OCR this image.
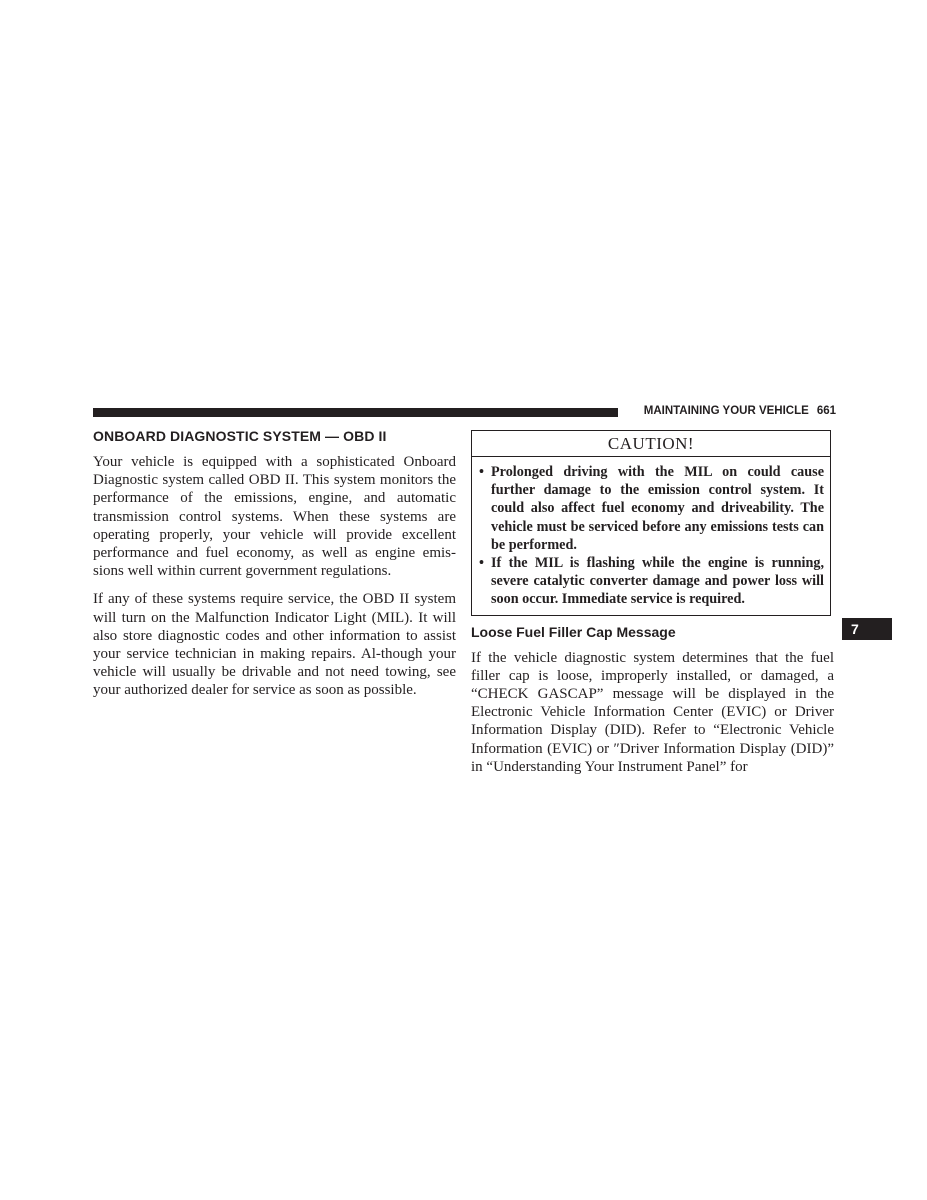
MAINTAINING YOUR VEHICLE 661
ONBOARD DIAGNOSTIC SYSTEM — OBD II

Your vehicle is equipped with a sophisticated Onboard Diagnostic system called OBD II. This system monitors the performance of the emissions, engine, and automatic transmission control systems. When these systems are operating properly, your vehicle will provide excellent performance and fuel economy, as well as engine emis-sions well within current government regulations.

If any of these systems require service, the OBD II system will turn on the Malfunction Indicator Light (MIL). It will also store diagnostic codes and other information to assist your service technician in making repairs. Al-though your vehicle will usually be drivable and not need towing, see your authorized dealer for service as soon as possible.

CAUTION!
• Prolonged driving with the MIL on could cause further damage to the emission control system. It could also affect fuel economy and driveability. The vehicle must be serviced before any emissions tests can be performed.
• If the MIL is flashing while the engine is running, severe catalytic converter damage and power loss will soon occur. Immediate service is required.
Loose Fuel Filler Cap Message

If the vehicle diagnostic system determines that the fuel filler cap is loose, improperly installed, or damaged, a “CHECK GASCAP” message will be displayed in the Electronic Vehicle Information Center (EVIC) or Driver Information Display (DID). Refer to “Electronic Vehicle Information (EVIC) or ″Driver Information Display (DID)” in “Understanding Your Instrument Panel” for

7
